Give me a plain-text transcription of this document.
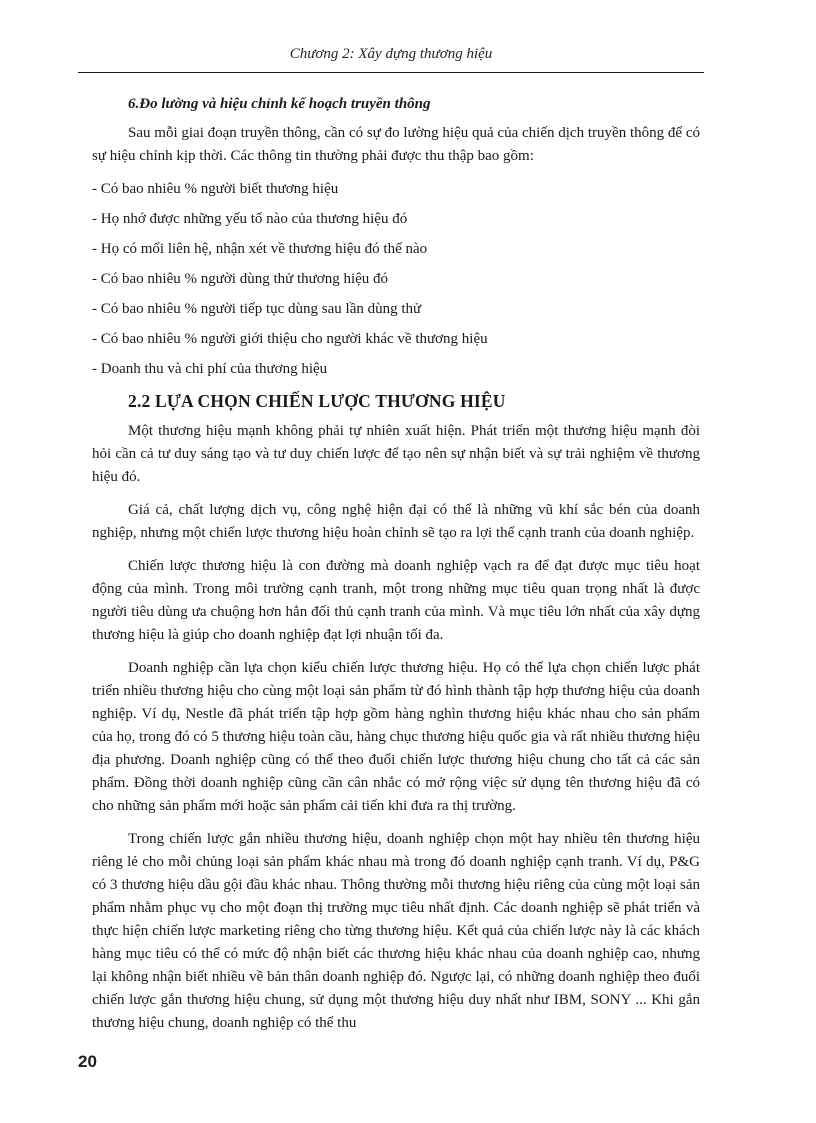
Chương 2: Xây dựng thương hiệu
6.Đo lường và hiệu chỉnh kế hoạch truyền thông

Sau mỗi giai đoạn truyền thông, cần có sự đo lường hiệu quả của chiến dịch truyền thông để có sự hiệu chỉnh kịp thời. Các thông tin thường phải được thu thập bao gồm:

- Có bao nhiêu % người biết thương hiệu
- Họ nhớ được những yếu tố nào của thương hiệu đó
- Họ có mối liên hệ, nhận xét về thương hiệu đó thế nào
- Có bao nhiêu % người dùng thử thương hiệu đó
- Có bao nhiêu % người tiếp tục dùng sau lần dùng thử
- Có bao nhiêu % người giới thiệu cho người khác về thương hiệu
- Doanh thu và chi phí của thương hiệu
2.2 LỰA CHỌN CHIẾN LƯỢC THƯƠNG HIỆU

Một thương hiệu mạnh không phải tự nhiên xuất hiện. Phát triển một thương hiệu mạnh đòi hỏi cần cả tư duy sáng tạo và tư duy chiến lược để tạo nên sự nhận biết và sự trải nghiệm về thương hiệu đó.

Giá cả, chất lượng dịch vụ, công nghệ hiện đại có thể là những vũ khí sắc bén của doanh nghiệp, nhưng một chiến lược thương hiệu hoàn chỉnh sẽ tạo ra lợi thế cạnh tranh của doanh nghiệp.

Chiến lược thương hiệu là con đường mà doanh nghiệp vạch ra để đạt được mục tiêu hoạt động của mình. Trong môi trường cạnh tranh, một trong những mục tiêu quan trọng nhất là được người tiêu dùng ưa chuộng hơn hẳn đối thủ cạnh tranh của mình. Và mục tiêu lớn nhất của xây dựng thương hiệu là giúp cho doanh nghiệp đạt lợi nhuận tối đa.

Doanh nghiệp cần lựa chọn kiểu chiến lược thương hiệu. Họ có thể lựa chọn chiến lược phát triển nhiều thương hiệu cho cùng một loại sản phẩm từ đó hình thành tập hợp thương hiệu của doanh nghiệp. Ví dụ, Nestle đã phát triển tập hợp gồm hàng nghìn thương hiệu khác nhau cho sản phẩm của họ, trong đó có 5 thương hiệu toàn cầu, hàng chục thương hiệu quốc gia và rất nhiều thương hiệu địa phương. Doanh nghiệp cũng có thể theo đuổi chiến lược thương hiệu chung cho tất cả các sản phẩm. Đồng thời doanh nghiệp cũng cần cân nhắc có mở rộng việc sử dụng tên thương hiệu đã có cho những sản phẩm mới hoặc sản phẩm cải tiến khi đưa ra thị trường.

Trong chiến lược gắn nhiều thương hiệu, doanh nghiệp chọn một hay nhiều tên thương hiệu riêng lẻ cho mỗi chủng loại sản phẩm khác nhau mà trong đó doanh nghiệp cạnh tranh. Ví dụ, P&G có 3 thương hiệu dầu gội đầu khác nhau. Thông thường mỗi thương hiệu riêng của cùng một loại sản phẩm nhằm phục vụ cho một đoạn thị trường mục tiêu nhất định. Các doanh nghiệp sẽ phát triển và thực hiện chiến lược marketing riêng cho từng thương hiệu. Kết quả của chiến lược này là các khách hàng mục tiêu có thể có mức độ nhận biết các thương hiệu khác nhau của doanh nghiệp cao, nhưng lại không nhận biết nhiều về bản thân doanh nghiệp đó. Ngược lại, có những doanh nghiệp theo đuổi chiến lược gắn thương hiệu chung, sử dụng một thương hiệu duy nhất như IBM, SONY ... Khi gắn thương hiệu chung, doanh nghiệp có thể thu

20
